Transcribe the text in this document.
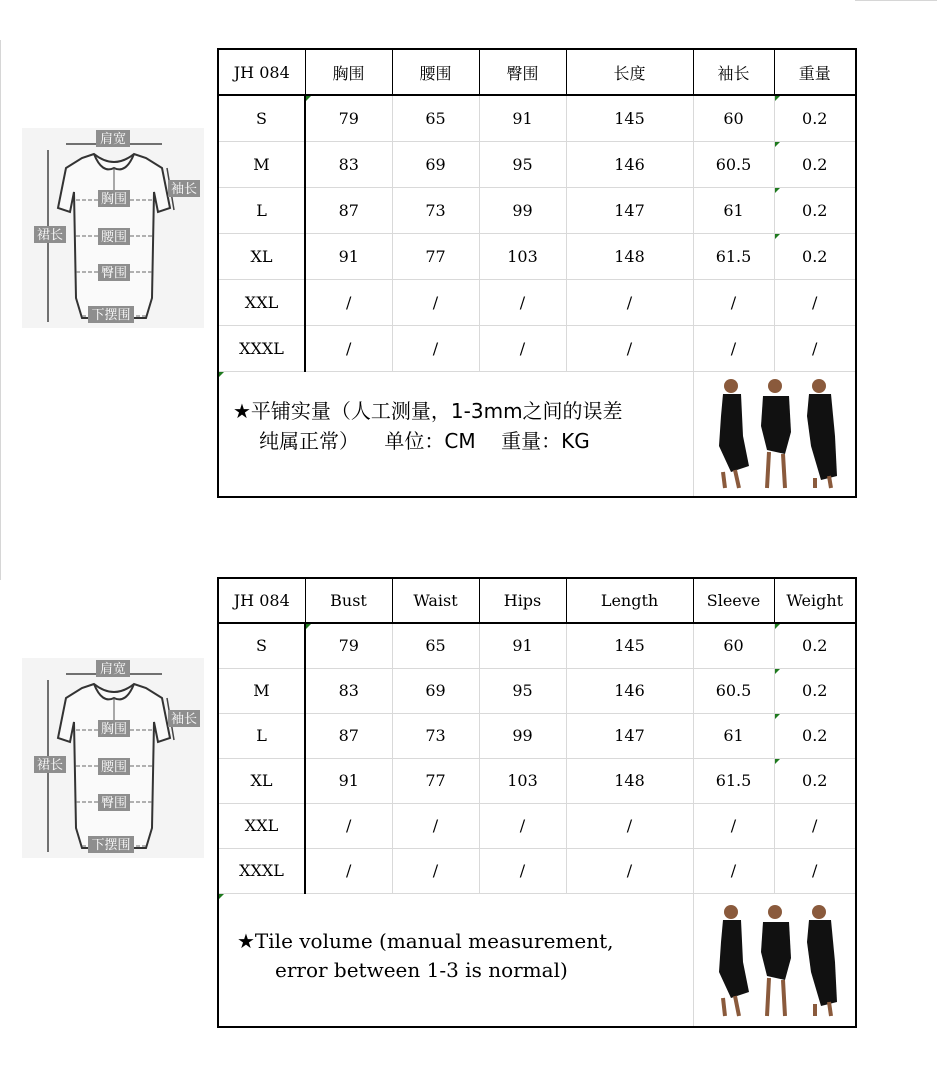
肩宽
袖长
胸围
腰围
臀围
裙长
下摆围
JH 084	胸围	腰围	臀围	长度	袖长	重量
S	79	65	91	145	60	0.2
M	83	69	95	146	60.5	0.2
L	87	73	99	147	61	0.2
XL	91	77	103	148	61.5	0.2
XXL	/	/	/	/	/	/
XXXL	/	/	/	/	/	/

★平铺实量（人工测量，1-3mm之间的误差
纯属正常）    单位：CM    重量：KG

肩宽
袖长
胸围
腰围
臀围
裙长
下摆围
JH 084	Bust	Waist	Hips	Length	Sleeve	Weight
S	79	65	91	145	60	0.2
M	83	69	95	146	60.5	0.2
L	87	73	99	147	61	0.2
XL	91	77	103	148	61.5	0.2
XXL	/	/	/	/	/	/
XXXL	/	/	/	/	/	/

★Tile volume (manual measurement,
error between 1-3 is normal)
